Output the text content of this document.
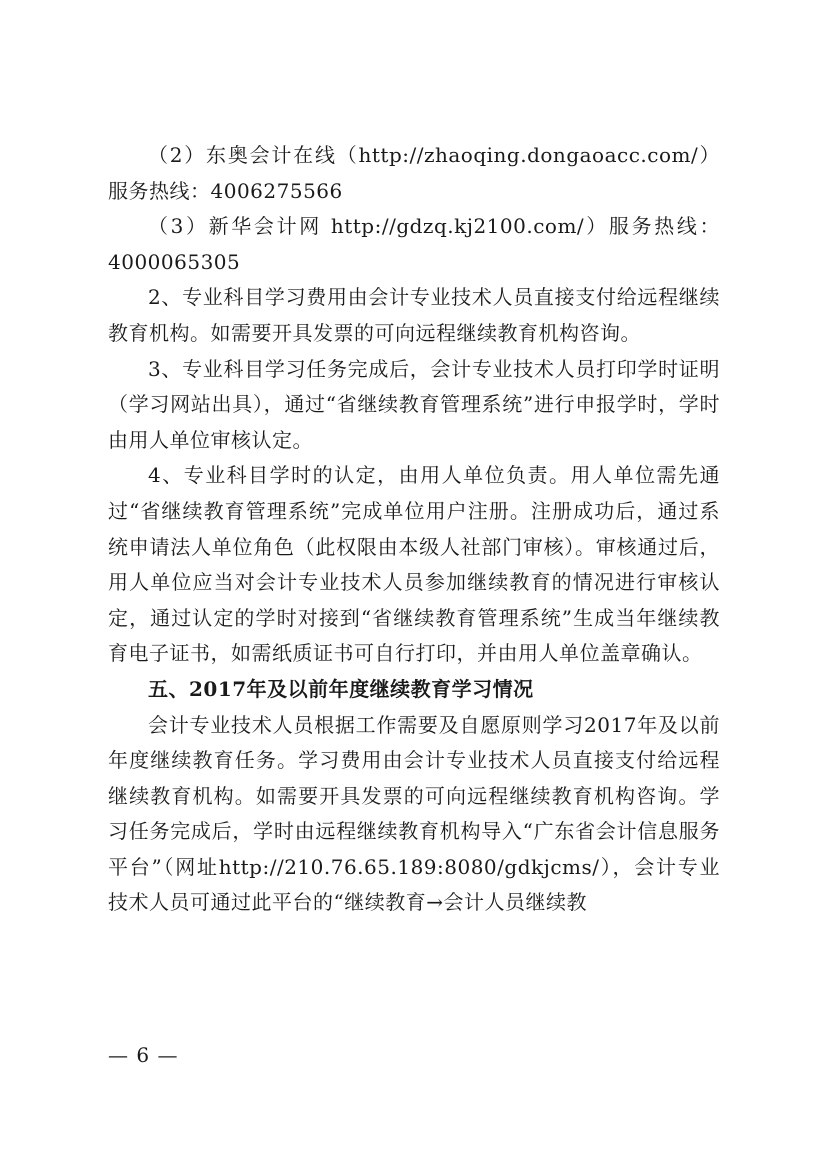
（2）东奥会计在线（http://zhaoqing.dongaoacc.com/）服务热线：4006275566

（3）新华会计网 http://gdzq.kj2100.com/）服务热线：4000065305

2、专业科目学习费用由会计专业技术人员直接支付给远程继续教育机构。如需要开具发票的可向远程继续教育机构咨询。

3、专业科目学习任务完成后，会计专业技术人员打印学时证明（学习网站出具），通过“省继续教育管理系统”进行申报学时，学时由用人单位审核认定。

4、专业科目学时的认定，由用人单位负责。用人单位需先通过“省继续教育管理系统”完成单位用户注册。注册成功后，通过系统申请法人单位角色（此权限由本级人社部门审核）。审核通过后，用人单位应当对会计专业技术人员参加继续教育的情况进行审核认定，通过认定的学时对接到“省继续教育管理系统”生成当年继续教育电子证书，如需纸质证书可自行打印，并由用人单位盖章确认。

五、2017年及以前年度继续教育学习情况

会计专业技术人员根据工作需要及自愿原则学习2017年及以前年度继续教育任务。学习费用由会计专业技术人员直接支付给远程继续教育机构。如需要开具发票的可向远程继续教育机构咨询。学习任务完成后，学时由远程继续教育机构导入“广东省会计信息服务平台”（网址http://210.76.65.189:8080/gdkjcms/），会计专业技术人员可通过此平台的“继续教育→会计人员继续教

— 6 —
